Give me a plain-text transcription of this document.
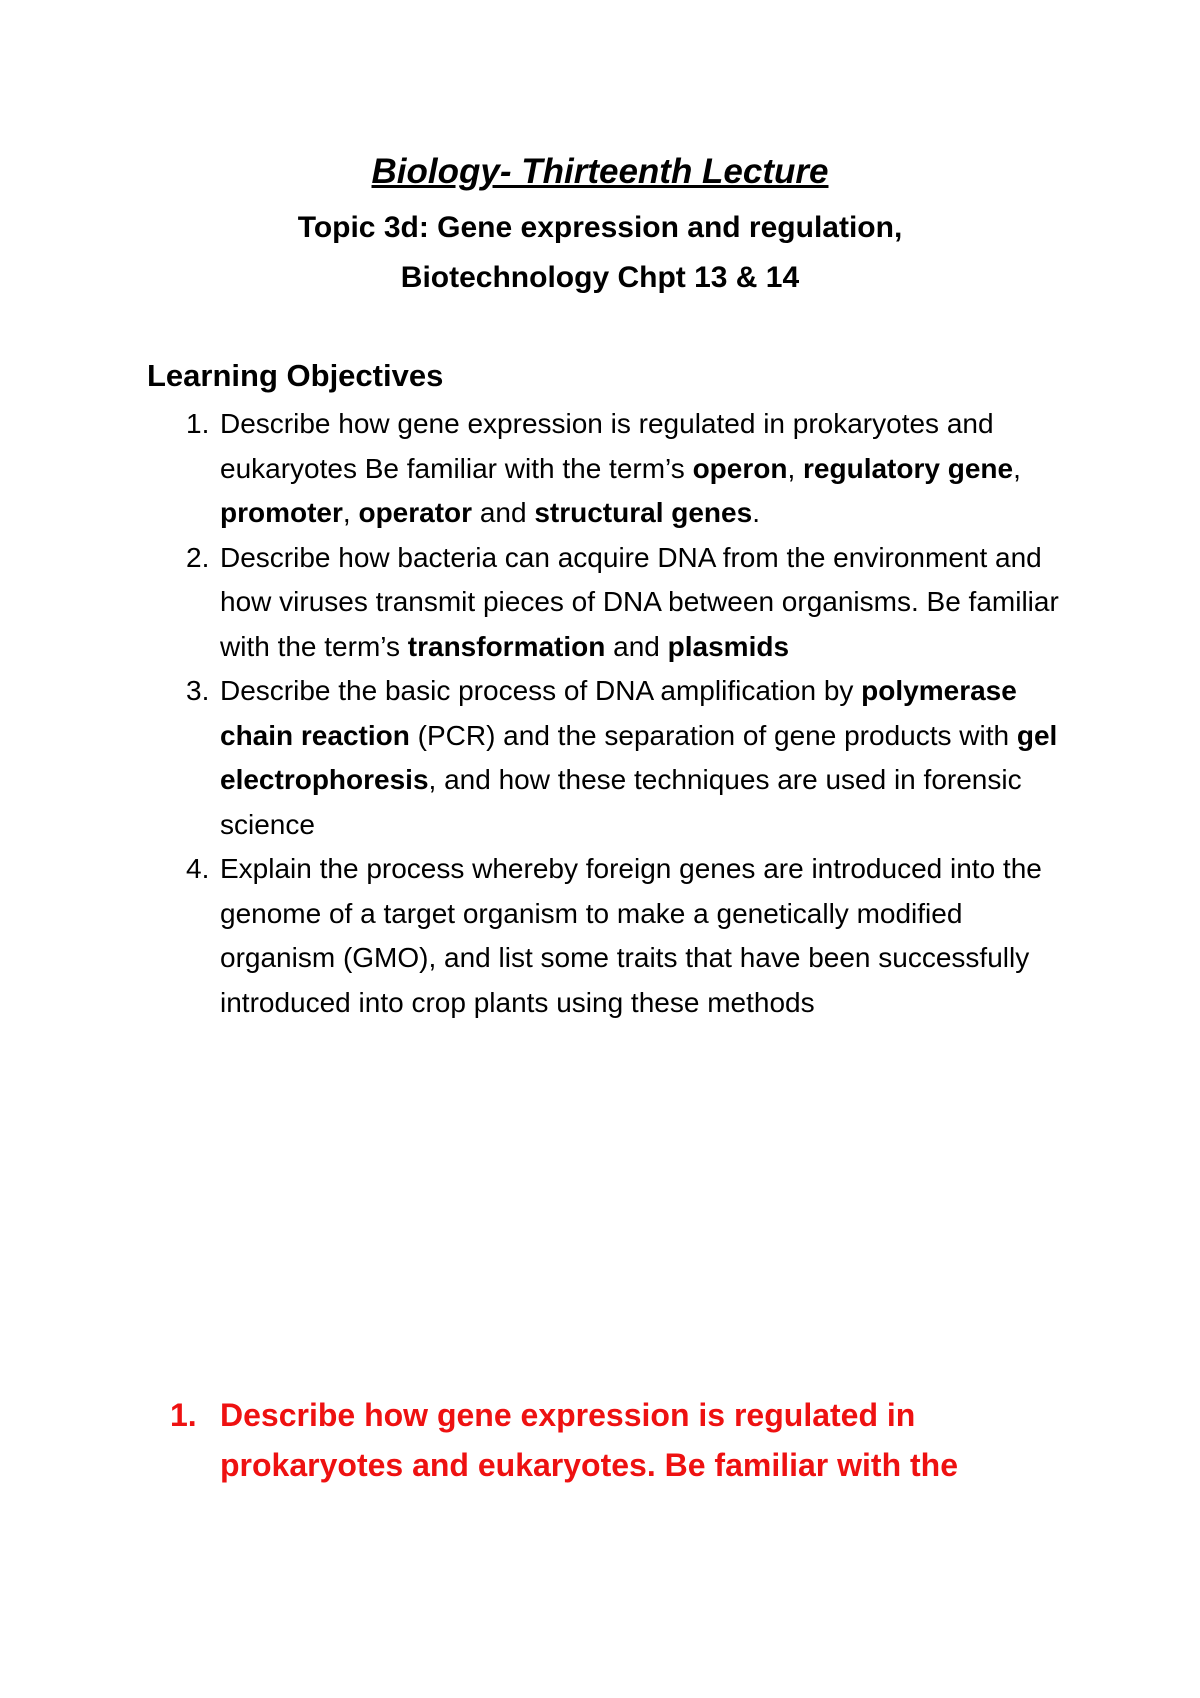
Biology- Thirteenth Lecture
Topic 3d: Gene expression and regulation,
Biotechnology Chpt 13 & 14
Learning Objectives
1. Describe how gene expression is regulated in prokaryotes and eukaryotes Be familiar with the term’s operon, regulatory gene, promoter, operator and structural genes.
2. Describe how bacteria can acquire DNA from the environment and how viruses transmit pieces of DNA between organisms. Be familiar with the term’s transformation and plasmids
3. Describe the basic process of DNA amplification by polymerase chain reaction (PCR) and the separation of gene products with gel electrophoresis, and how these techniques are used in forensic science
4. Explain the process whereby foreign genes are introduced into the genome of a target organism to make a genetically modified organism (GMO), and list some traits that have been successfully introduced into crop plants using these methods
1. Describe how gene expression is regulated in prokaryotes and eukaryotes. Be familiar with the
